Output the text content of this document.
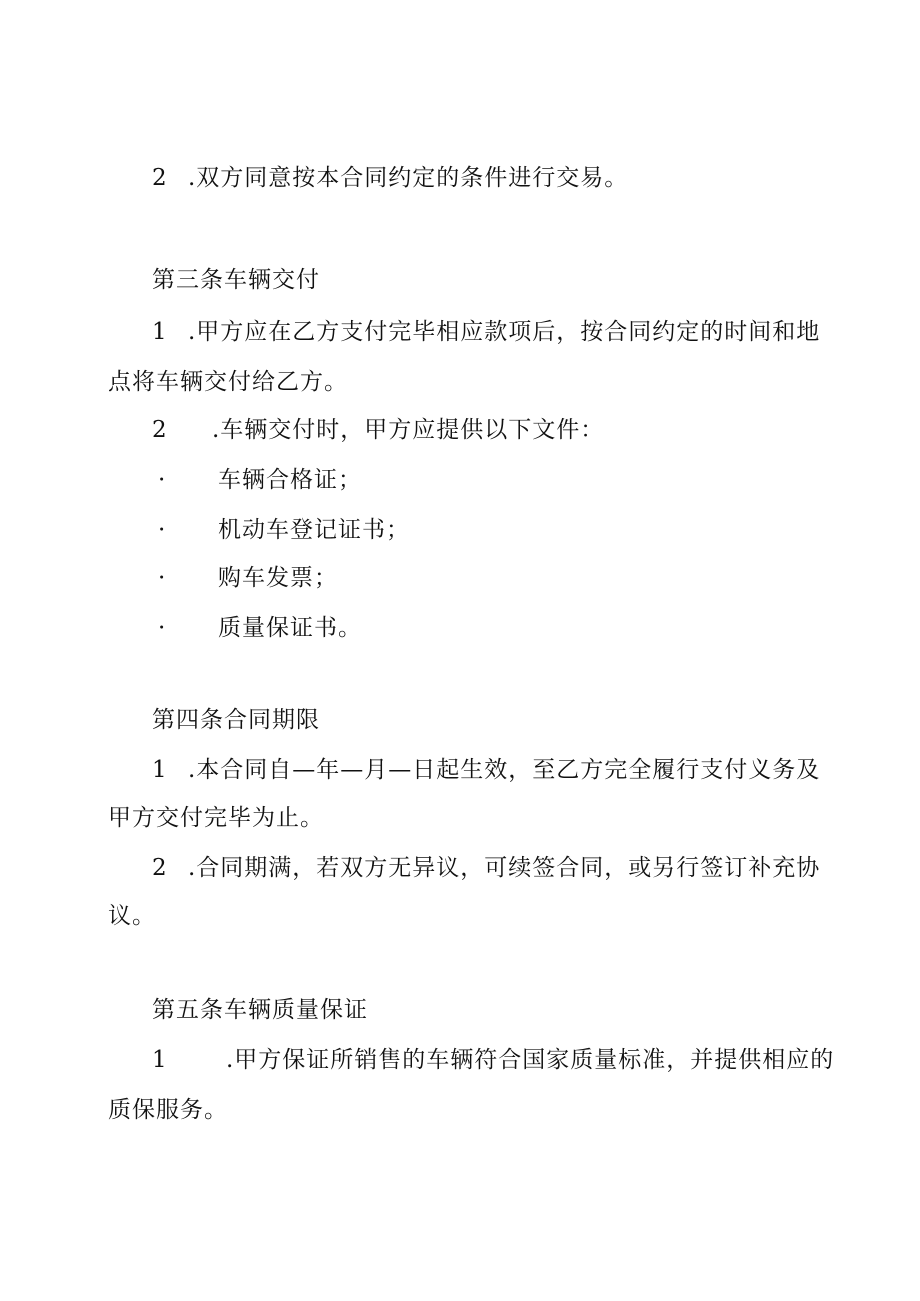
2 .双方同意按本合同约定的条件进行交易。
第三条车辆交付
1 .甲方应在乙方支付完毕相应款项后，按合同约定的时间和地
点将车辆交付给乙方。
2 .车辆交付时，甲方应提供以下文件：
· 车辆合格证；
· 机动车登记证书；
· 购车发票；
· 质量保证书。
第四条合同期限
1 .本合同自—年—月—日起生效，至乙方完全履行支付义务及
甲方交付完毕为止。
2 .合同期满，若双方无异议，可续签合同，或另行签订补充协
议。
第五条车辆质量保证
1	.甲方保证所销售的车辆符合国家质量标准，并提供相应的
质保服务。
